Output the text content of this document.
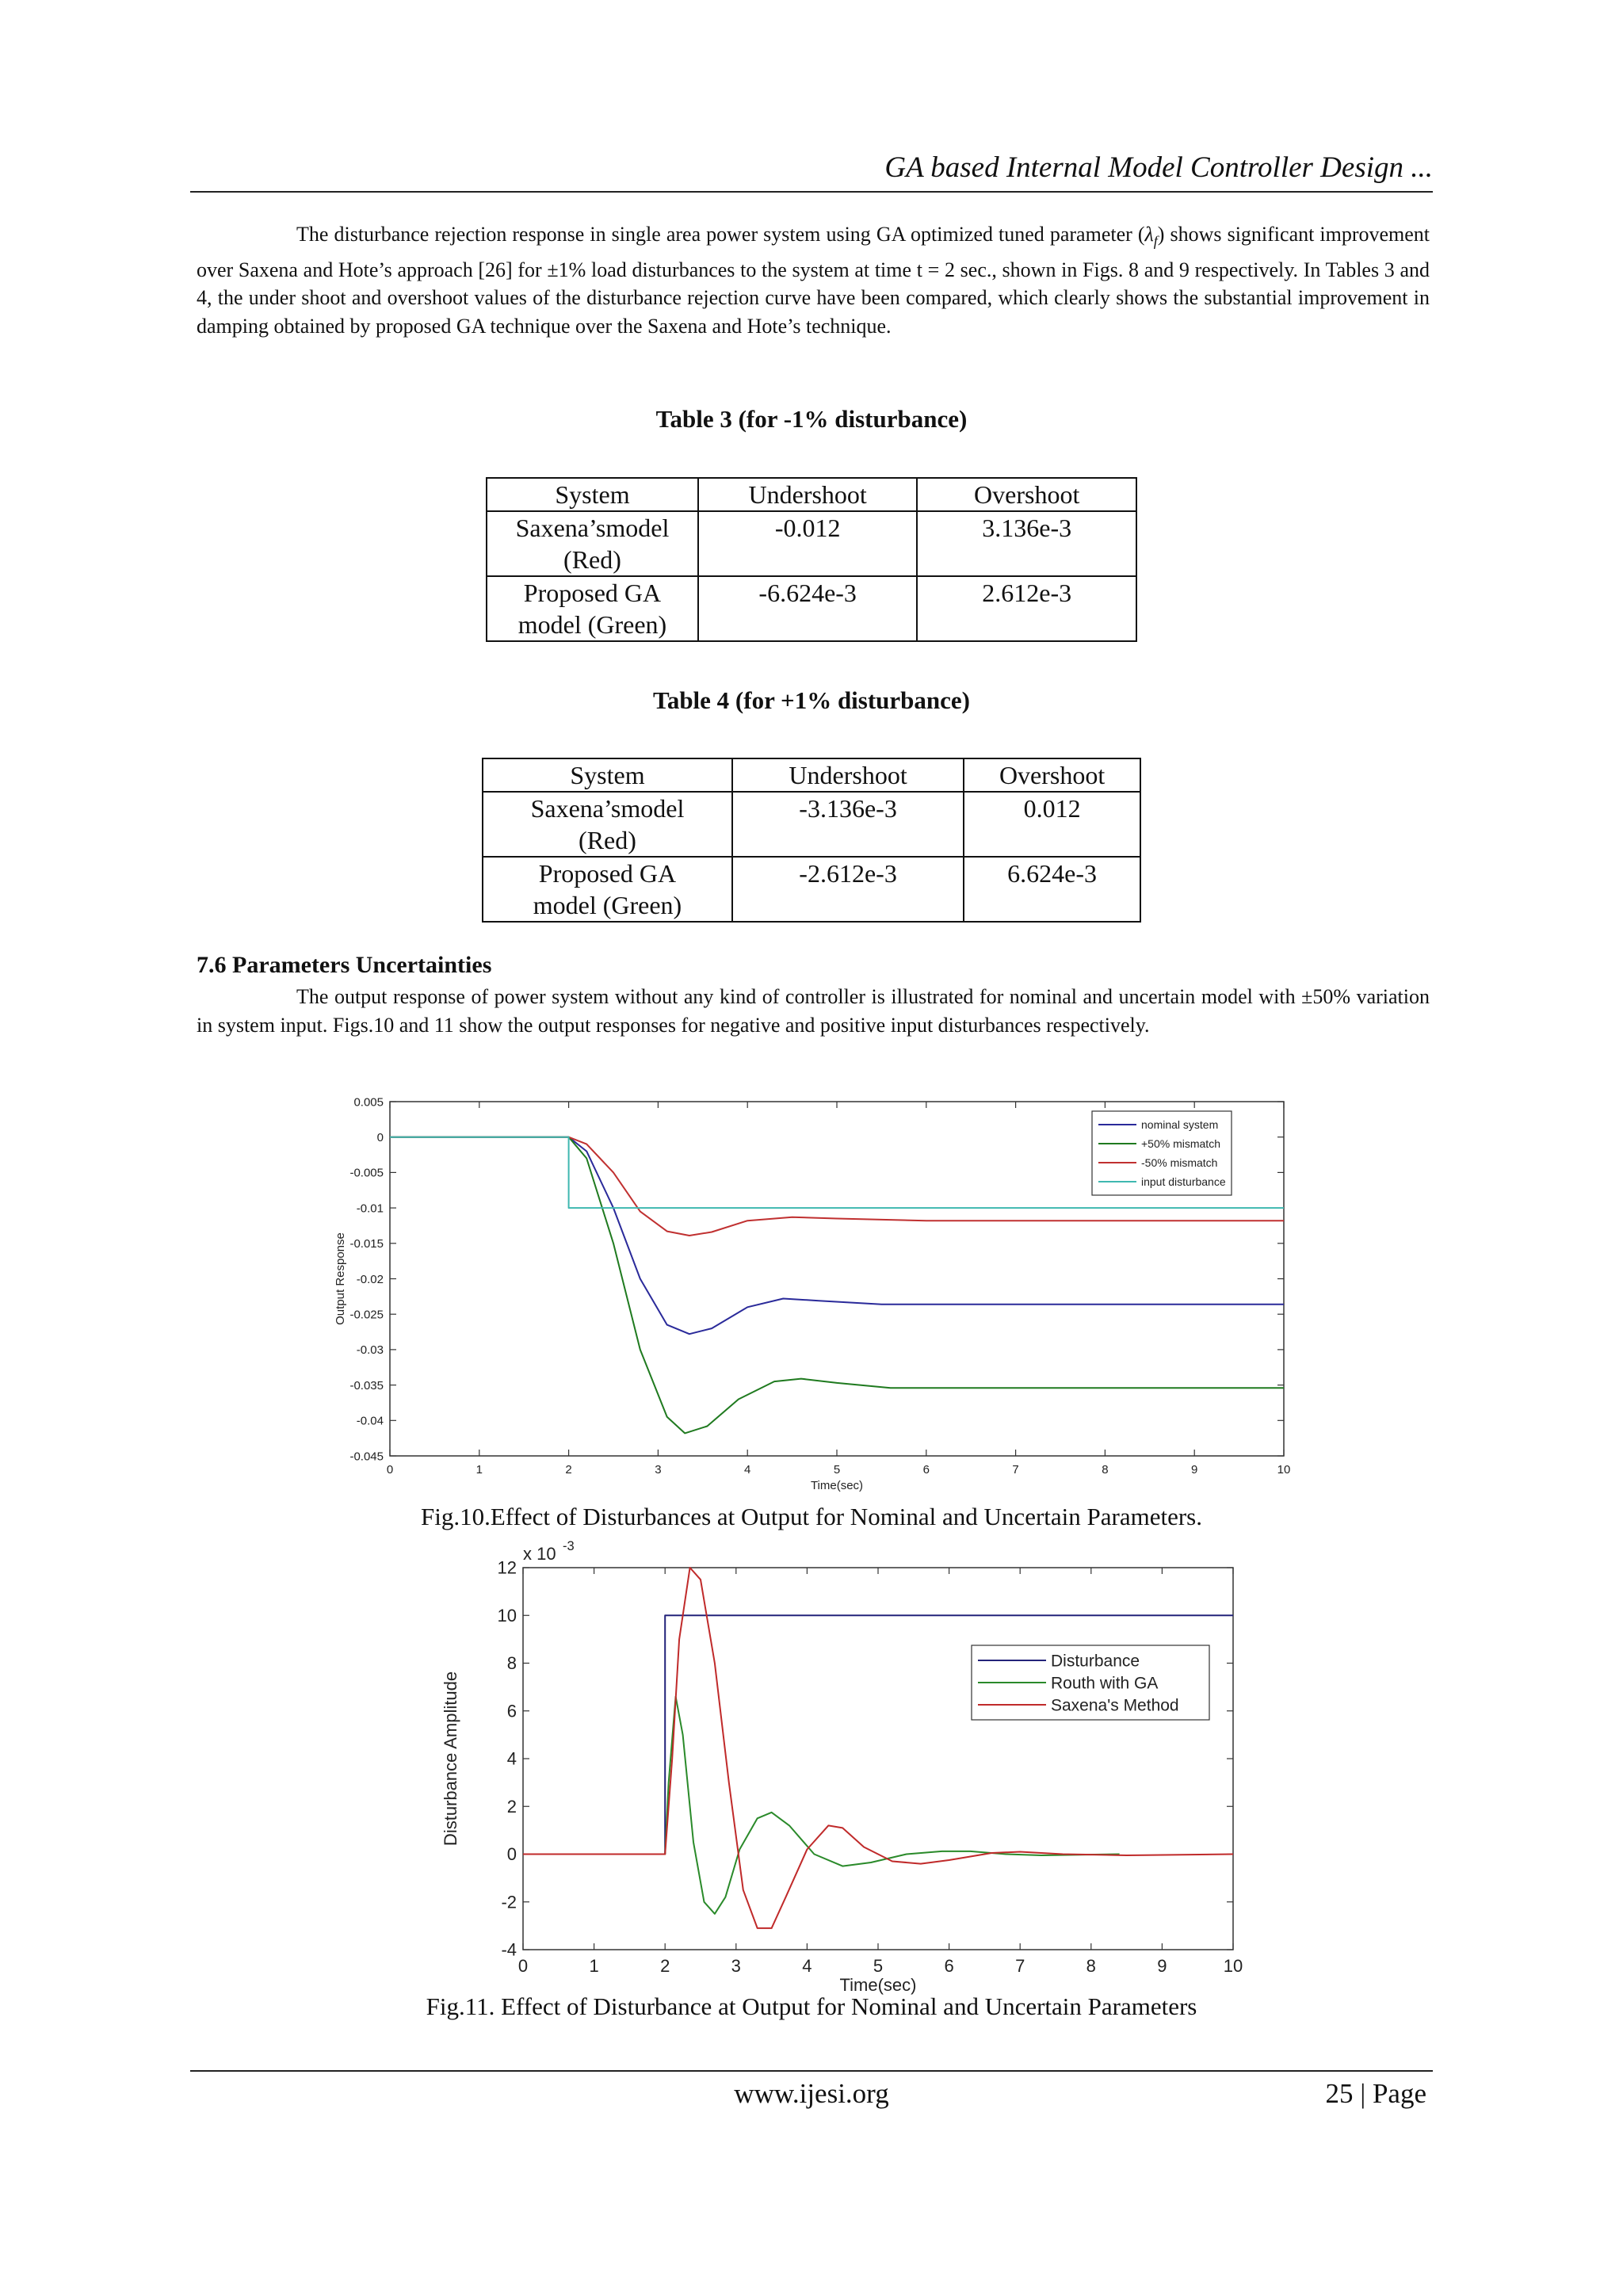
GA based Internal Model Controller Design ...
The disturbance rejection response in single area power system using GA optimized tuned parameter $(\lambda_f)$ shows significant improvement over Saxena and Hote’s approach [26] for ±1% load disturbances to the system at time t = 2 sec., shown in Figs. 8 and 9 respectively. In Tables 3 and 4, the under shoot and overshoot values of the disturbance rejection curve have been compared, which clearly shows the substantial improvement in damping obtained by proposed GA technique over the Saxena and Hote’s technique.
Table 3 (for -1% disturbance)
System	Undershoot	Overshoot
Saxena’smodel
(Red)	-0.012	3.136e-3
Proposed GA
model (Green)	-6.624e-3	2.612e-3
Table 4 (for +1% disturbance)
System	Undershoot	Overshoot
Saxena’smodel
(Red)	-3.136e-3	0.012
Proposed GA
model (Green)	-2.612e-3	6.624e-3
7.6 Parameters Uncertainties
The output response of power system without any kind of controller is illustrated for nominal and uncertain model with ±50% variation in system input. Figs.10 and 11 show the output responses for negative and positive input disturbances respectively.
0	1	2	3	4	5	6	7	8	9	10
0.005
0
-0.005
-0.01
-0.015
-0.02
-0.025
-0.03
-0.035
-0.04
-0.045
Time(sec)
Output Response
nominal system
+50% mismatch
-50% mismatch
input disturbance
Fig.10.Effect of Disturbances at Output for Nominal and Uncertain Parameters.
0	1	2	3	4	5	6	7	8	9	10
12
10
8
6
4
2
0
-2
-4
Time(sec)
Disturbance Amplitude
x 10 -3
Disturbance
Routh with GA
Saxena's Method
Fig.11. Effect of Disturbance at Output for Nominal and Uncertain Parameters
www.ijesi.org	25 | Page
